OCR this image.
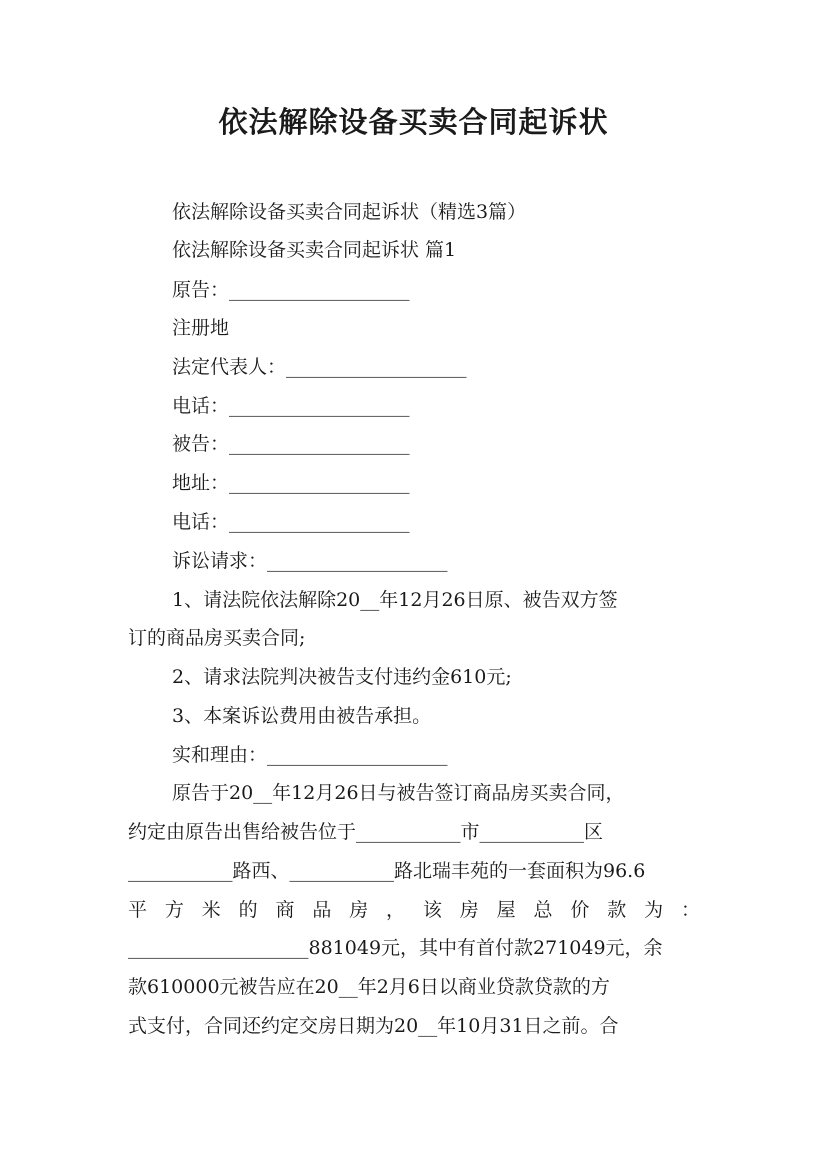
依法解除设备买卖合同起诉状
依法解除设备买卖合同起诉状（精选3篇）
依法解除设备买卖合同起诉状 篇1
原告：___________________
注册地
法定代表人：___________________
电话：___________________
被告：___________________
地址：___________________
电话：___________________
诉讼请求：___________________
1、请法院依法解除20__年12月26日原、被告双方签
订的商品房买卖合同;
2、请求法院判决被告支付违约金610元;
3、本案诉讼费用由被告承担。
实和理由：___________________
原告于20__年12月26日与被告签订商品房买卖合同，
约定由原告出售给被告位于___________市___________区
___________路西、___________路北瑞丰苑的一套面积为96.6
平方米的商品房，该房屋总价款为：
___________________881049元，其中有首付款271049元，余
款610000元被告应在20__年2月6日以商业贷款贷款的方
式支付，合同还约定交房日期为20__年10月31日之前。合
